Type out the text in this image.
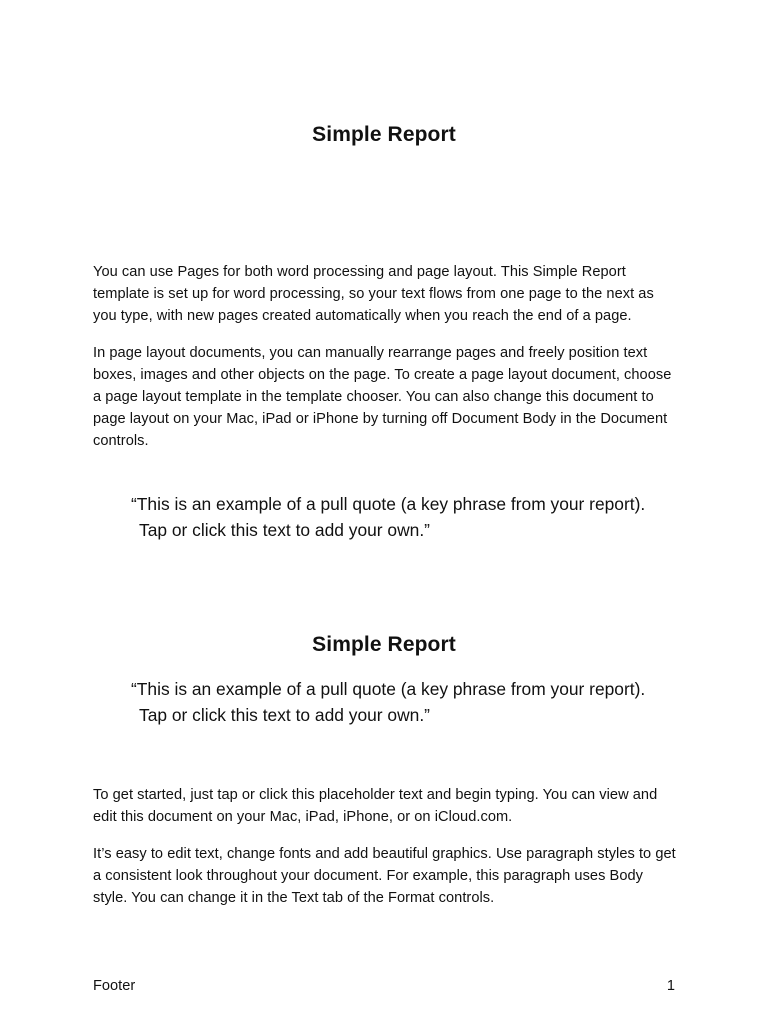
Simple Report

You can use Pages for both word processing and page layout. This Simple Report template is set up for word processing, so your text flows from one page to the next as you type, with new pages created automatically when you reach the end of a page.

In page layout documents, you can manually rearrange pages and freely position text boxes, images and other objects on the page. To create a page layout document, choose a page layout template in the template chooser. You can also change this document to page layout on your Mac, iPad or iPhone by turning off Document Body in the Document controls.

“This is an example of a pull quote (a key phrase from your report). Tap or click this text to add your own.”

Simple Report

“This is an example of a pull quote (a key phrase from your report). Tap or click this text to add your own.”

To get started, just tap or click this placeholder text and begin typing. You can view and edit this document on your Mac, iPad, iPhone, or on iCloud.com.

It’s easy to edit text, change fonts and add beautiful graphics. Use paragraph styles to get a consistent look throughout your document. For example, this paragraph uses Body style. You can change it in the Text tab of the Format controls.

Footer	1
